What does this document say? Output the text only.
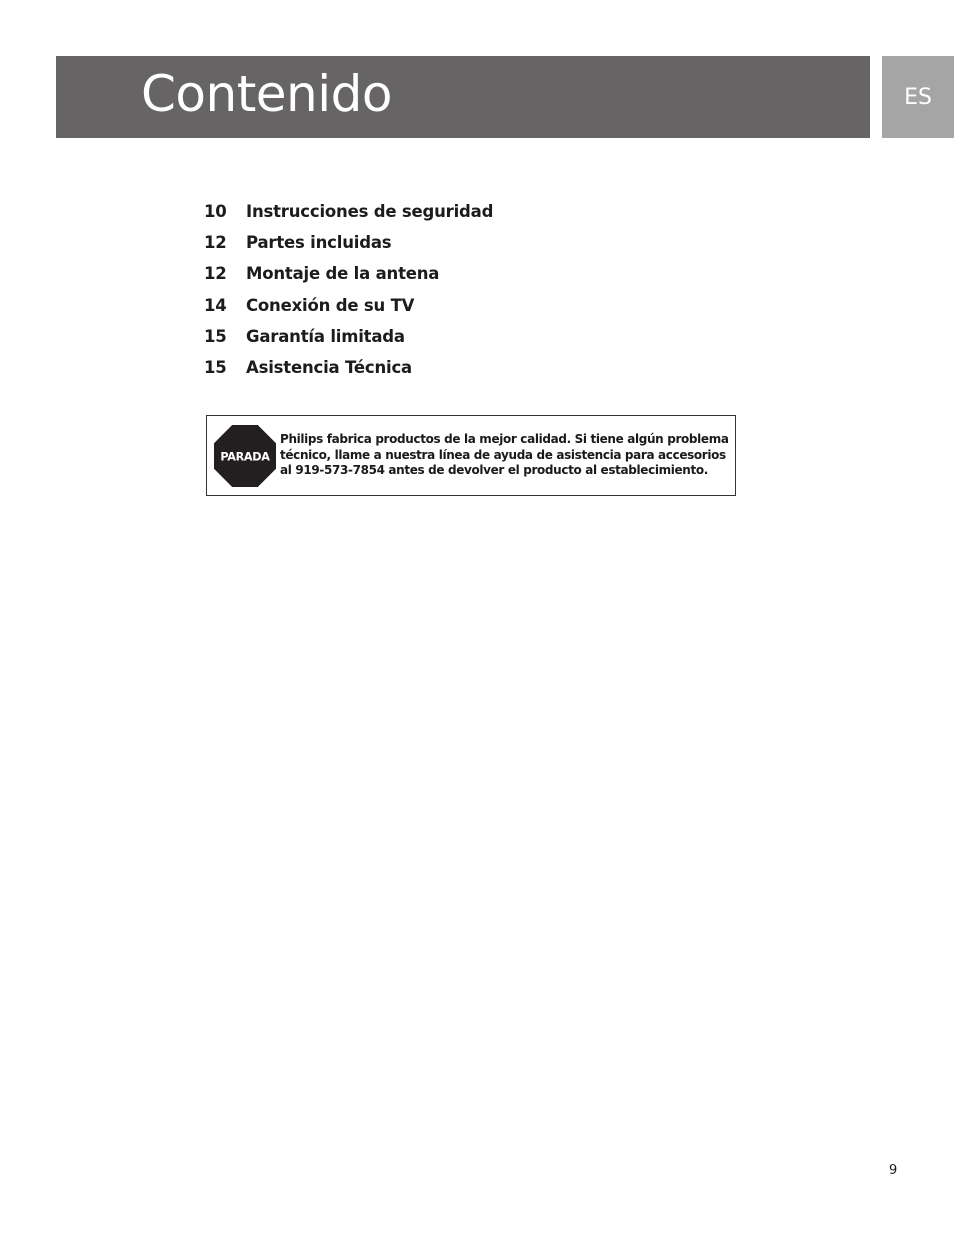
Contenido	ES
10	Instrucciones de seguridad
12	Partes incluidas
12	Montaje de la antena
14	Conexión de su TV
15	Garantía limitada
15	Asistencia Técnica
PARADA
Philips fabrica productos de la mejor calidad. Si tiene algún problema
técnico, llame a nuestra línea de ayuda de asistencia para accesorios
al 919-573-7854 antes de devolver el producto al establecimiento.
9
